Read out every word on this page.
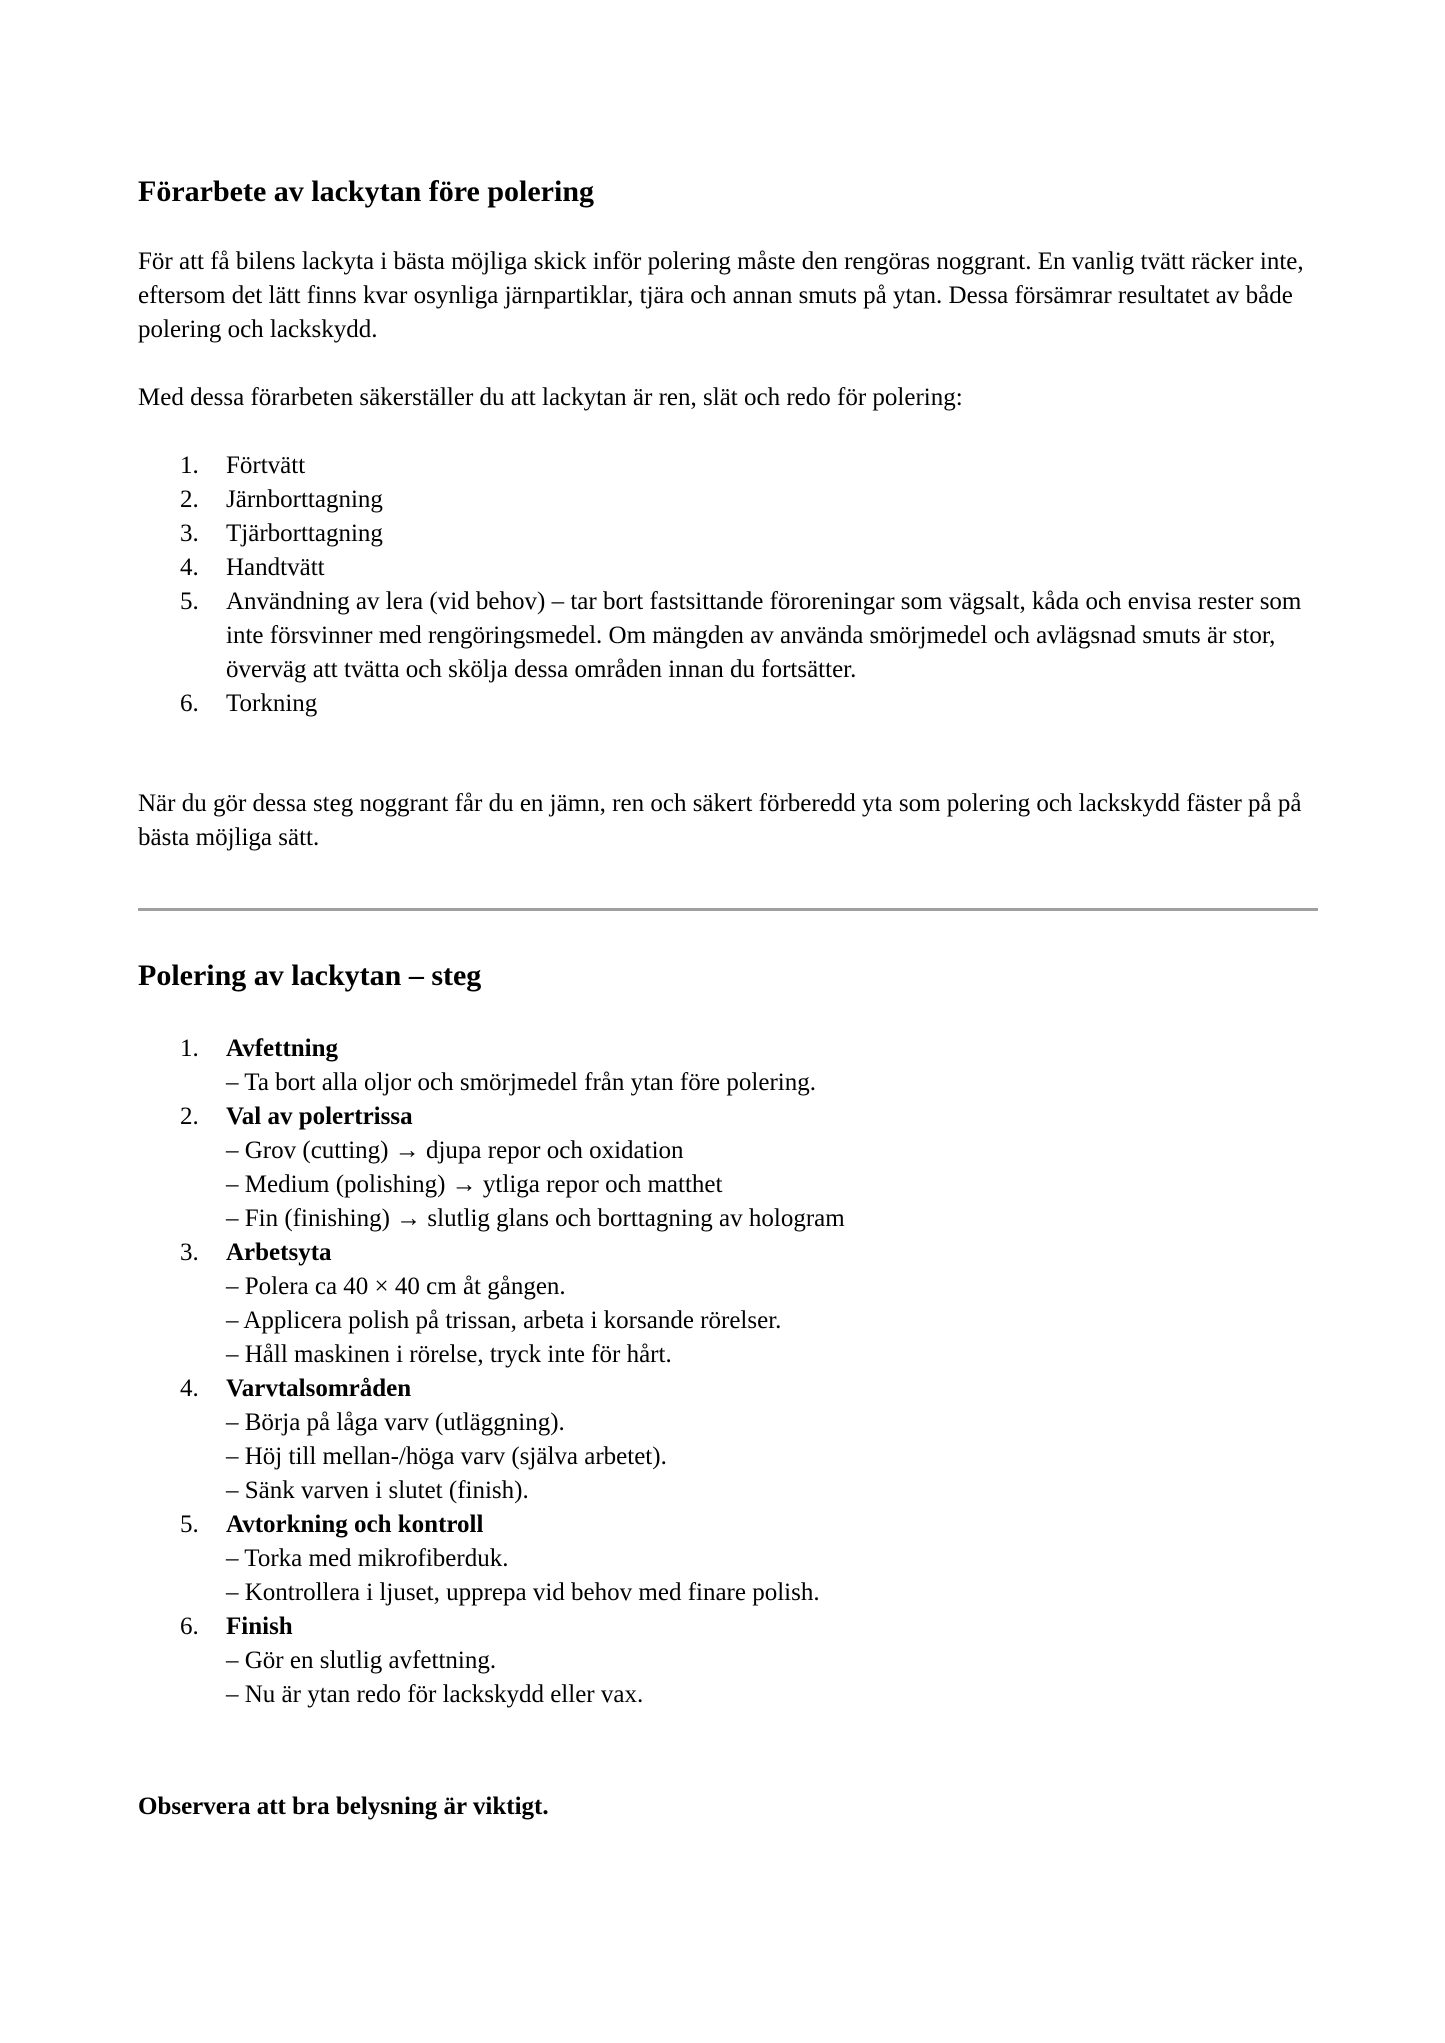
Förarbete av lackytan före polering

För att få bilens lackyta i bästa möjliga skick inför polering måste den rengöras noggrant. En vanlig tvätt räcker inte, eftersom det lätt finns kvar osynliga järnpartiklar, tjära och annan smuts på ytan. Dessa försämrar resultatet av både polering och lackskydd.

Med dessa förarbeten säkerställer du att lackytan är ren, slät och redo för polering:

1. Förtvätt
2. Järnborttagning
3. Tjärborttagning
4. Handtvätt
5. Användning av lera (vid behov) – tar bort fastsittande föroreningar som vägsalt, kåda och envisa rester som inte försvinner med rengöringsmedel. Om mängden av använda smörjmedel och avlägsnad smuts är stor, överväg att tvätta och skölja dessa områden innan du fortsätter.
6. Torkning

När du gör dessa steg noggrant får du en jämn, ren och säkert förberedd yta som polering och lackskydd fäster på på bästa möjliga sätt.

Polering av lackytan – steg
1. Avfettning
– Ta bort alla oljor och smörjmedel från ytan före polering.
2. Val av polertrissa
– Grov (cutting) → djupa repor och oxidation
– Medium (polishing) → ytliga repor och matthet
– Fin (finishing) → slutlig glans och borttagning av hologram
3. Arbetsyta
– Polera ca 40 × 40 cm åt gången.
– Applicera polish på trissan, arbeta i korsande rörelser.
– Håll maskinen i rörelse, tryck inte för hårt.
4. Varvtalsområden
– Börja på låga varv (utläggning).
– Höj till mellan-/höga varv (själva arbetet).
– Sänk varven i slutet (finish).
5. Avtorkning och kontroll
– Torka med mikrofiberduk.
– Kontrollera i ljuset, upprepa vid behov med finare polish.
6. Finish
– Gör en slutlig avfettning.
– Nu är ytan redo för lackskydd eller vax.

Observera att bra belysning är viktigt.
